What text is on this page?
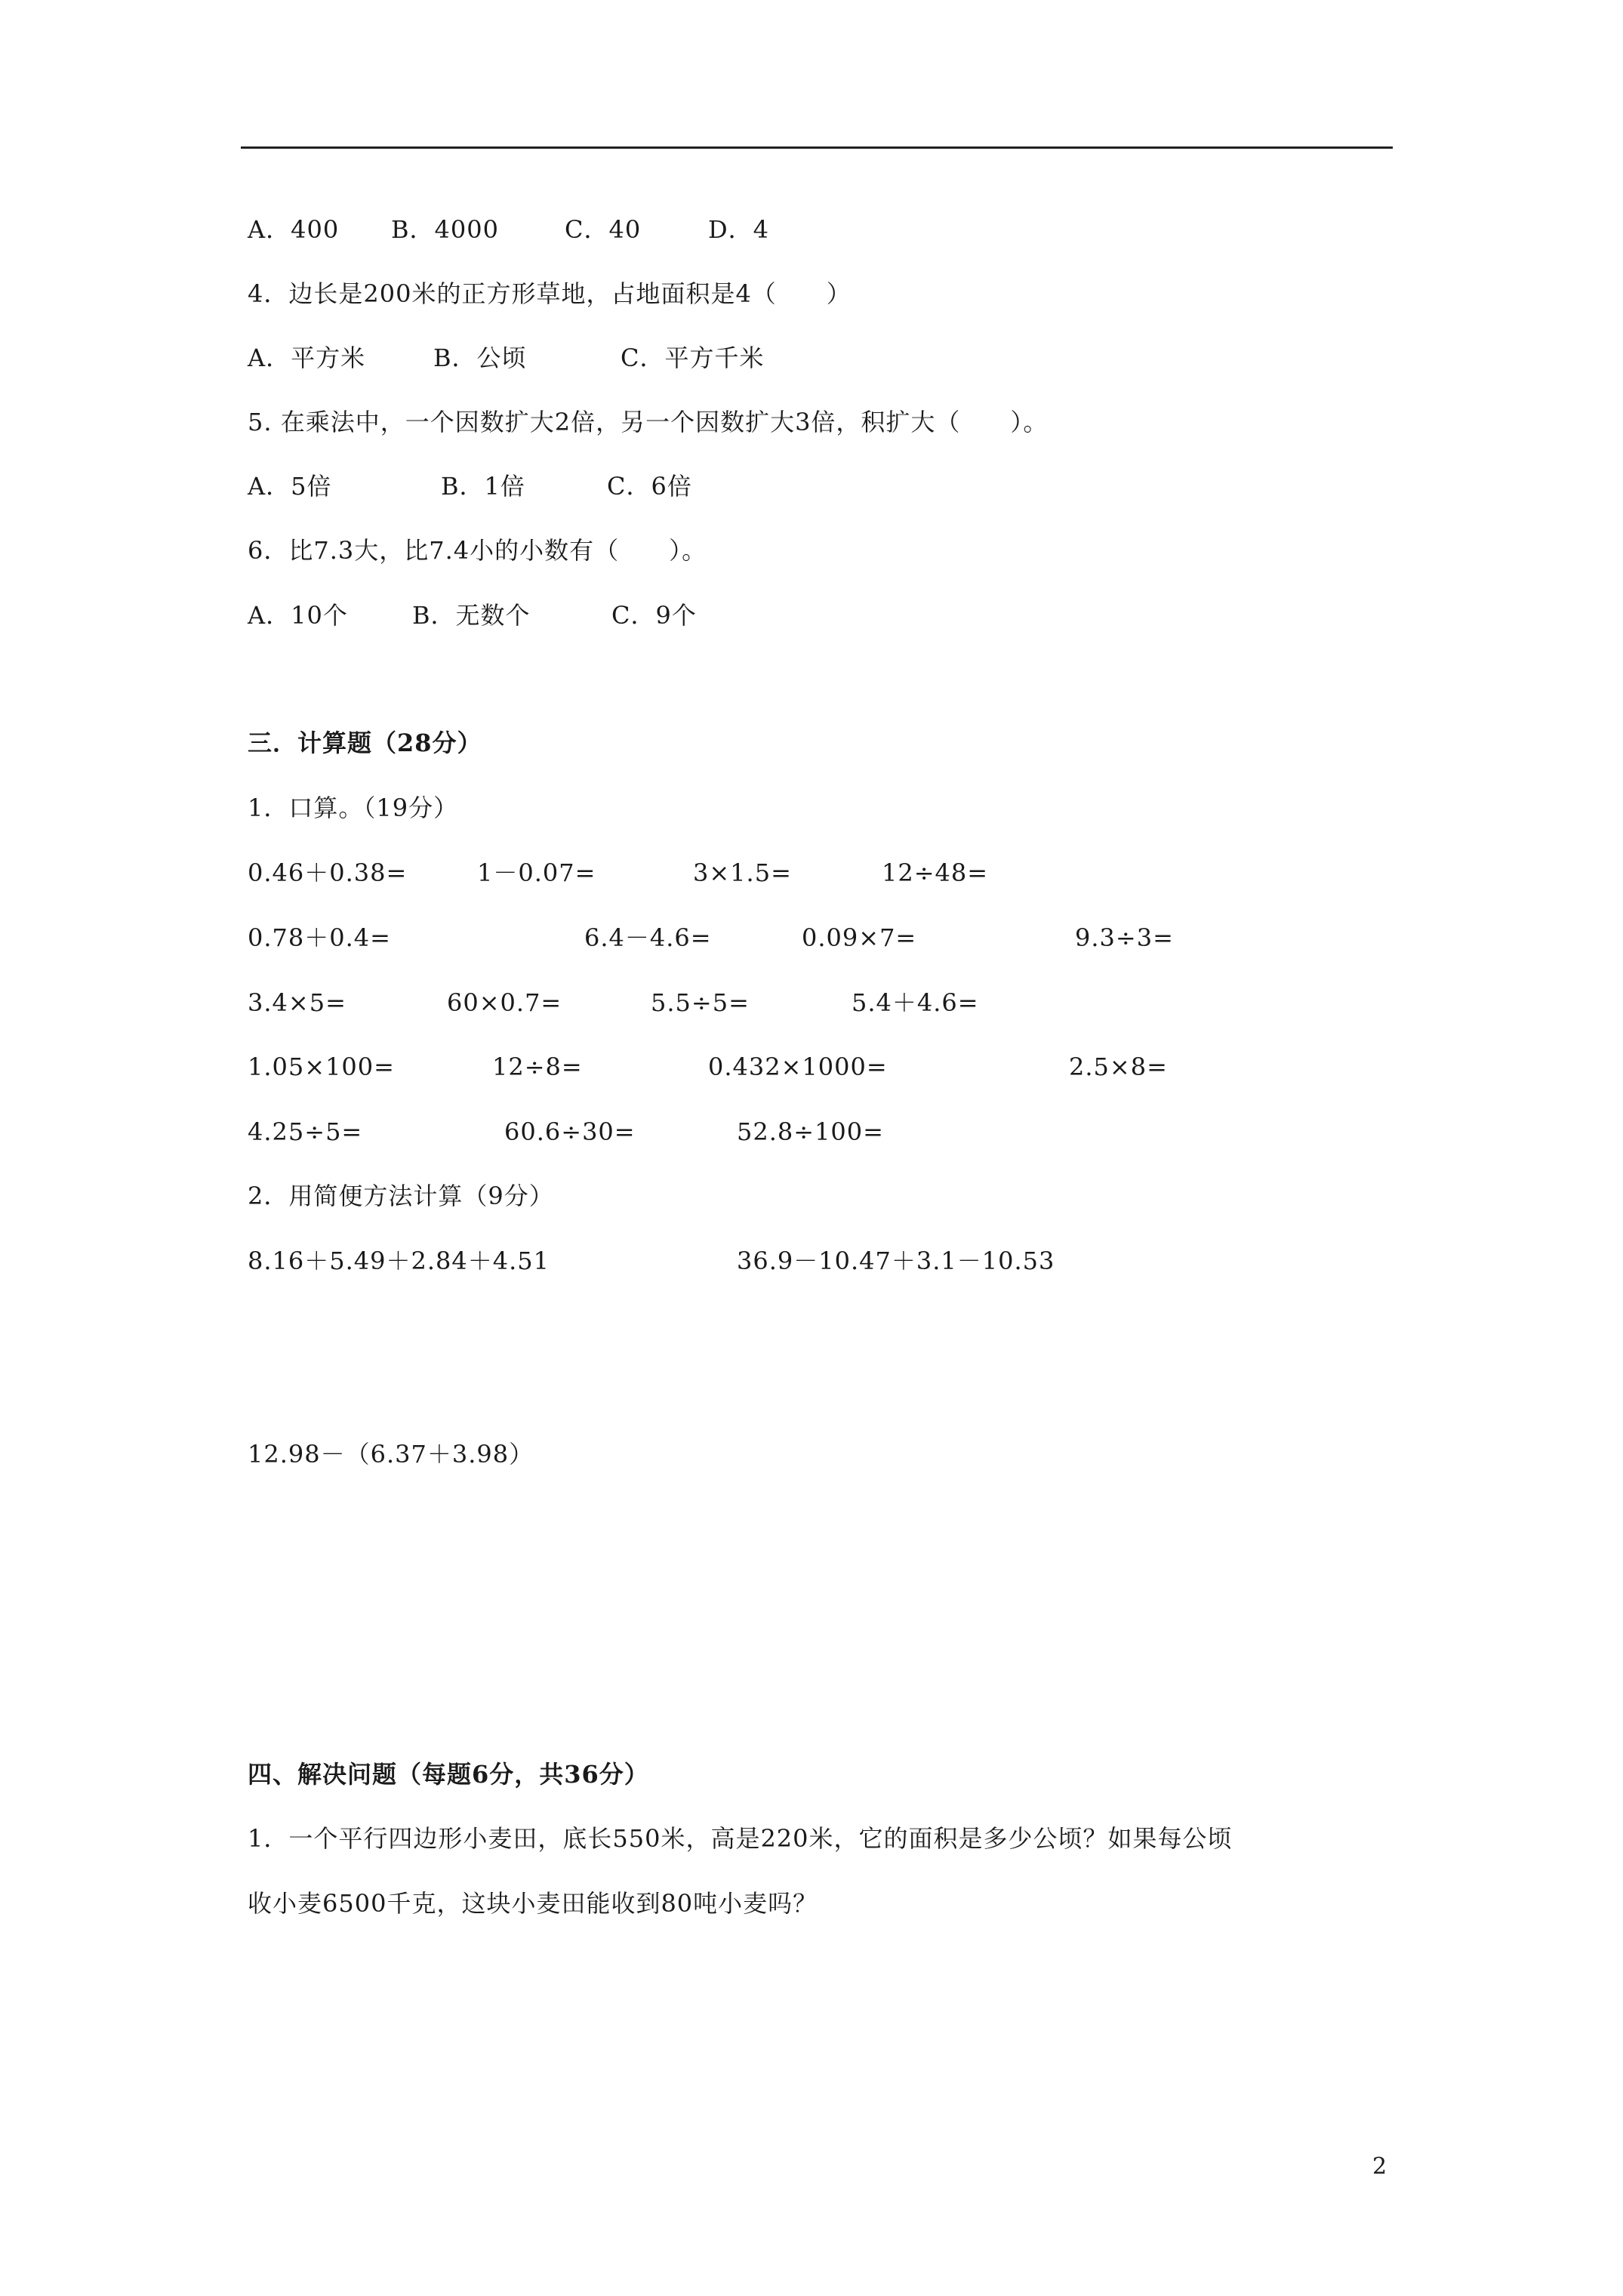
A．400 B．4000	C．40	D．4
4．边长是200米的正方形草地，占地面积是4（　　）
A．平方米	B．公顷	C．平方千米
5. 在乘法中，一个因数扩大2倍，另一个因数扩大3倍，积扩大（　　）。
A．5倍	B．1倍	C．6倍
6．比7.3大，比7.4小的小数有（　　）。
A．10个	B．无数个	C．9个
三．计算题（28分）
1．口算。（19分）
0.46＋0.38=	1－0.07=	3×1.5=	12÷48=
0.78＋0.4=	6.4－4.6=	0.09×7=	9.3÷3=
3.4×5=	60×0.7=	5.5÷5=	5.4＋4.6=
1.05×100=	12÷8=	0.432×1000=	2.5×8=
4.25÷5=	60.6÷30=	52.8÷100=
2．用简便方法计算（9分）
8.16＋5.49＋2.84＋4.51	36.9－10.47＋3.1－10.53
12.98－（6.37＋3.98）
四、解决问题（每题6分，共36分）
1．一个平行四边形小麦田，底长550米，高是220米，它的面积是多少公顷？如果每公顷
收小麦6500千克，这块小麦田能收到80吨小麦吗？
2
